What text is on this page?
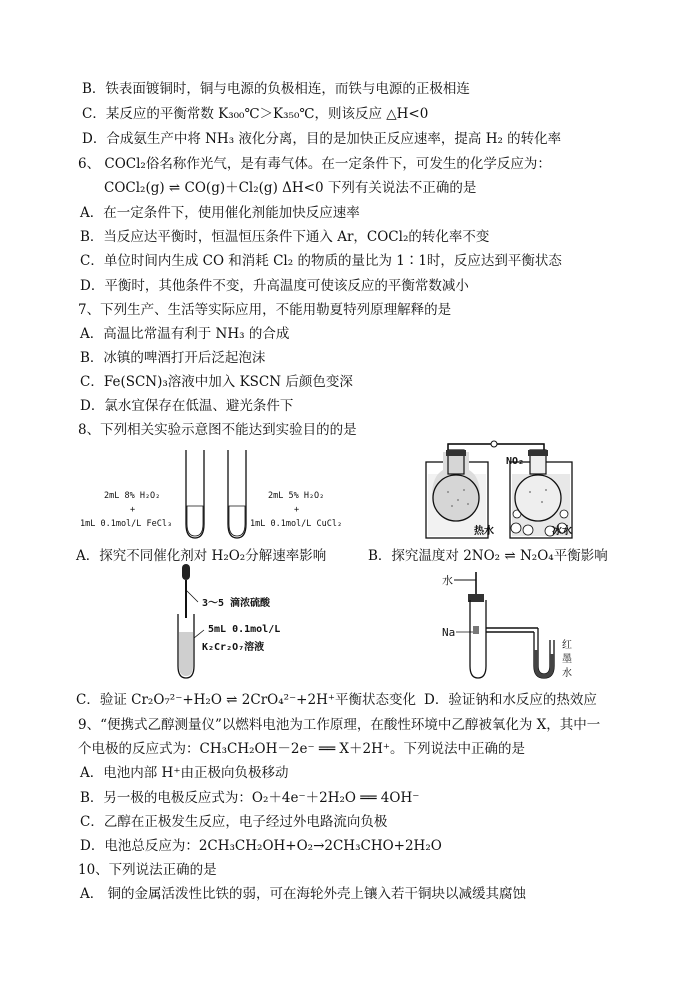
B．铁表面镀铜时，铜与电源的负极相连，而铁与电源的正极相连
C．某反应的平衡常数 K₃₀₀℃＞K₃₅₀℃，则该反应 △H<0
D．合成氨生产中将 NH₃ 液化分离，目的是加快正反应速率，提高 H₂ 的转化率
6、 COCl₂俗名称作光气，是有毒气体。在一定条件下，可发生的化学反应为：
COCl₂(g) ⇌ CO(g)＋Cl₂(g) ΔH<0 下列有关说法不正确的是
A．在一定条件下，使用催化剂能加快反应速率
B．当反应达平衡时，恒温恒压条件下通入 Ar，COCl₂的转化率不变
C．单位时间内生成 CO 和消耗 Cl₂ 的物质的量比为 1∶1时，反应达到平衡状态
D．平衡时，其他条件不变，升高温度可使该反应的平衡常数减小
7、下列生产、生活等实际应用，不能用勒夏特列原理解释的是
A．高温比常温有利于 NH₃ 的合成
B．冰镇的啤酒打开后泛起泡沫
C．Fe(SCN)₃溶液中加入 KSCN 后颜色变深
D．氯水宜保存在低温、避光条件下
8、下列相关实验示意图不能达到实验目的的是
A．探究不同催化剂对 H₂O₂分解速率影响	B．探究温度对 2NO₂ ⇌ N₂O₄平衡影响
C．验证 Cr₂O₇²⁻+H₂O ⇌ 2CrO₄²⁻+2H⁺平衡状态变化 D．验证钠和水反应的热效应
9、“便携式乙醇测量仪”以燃料电池为工作原理，在酸性环境中乙醇被氧化为 X，其中一
个电极的反应式为：CH₃CH₂OH－2e⁻ ══ X＋2H⁺。下列说法中正确的是
A．电池内部 H⁺由正极向负极移动
B．另一极的电极反应式为：O₂＋4e⁻＋2H₂O ══ 4OH⁻
C．乙醇在正极发生反应，电子经过外电路流向负极
D．电池总反应为：2CH₃CH₂OH+O₂→2CH₃CHO+2H₂O
10、下列说法正确的是
A． 铜的金属活泼性比铁的弱，可在海轮外壳上镶入若干铜块以减缓其腐蚀
2mL 8% H₂O₂
+
1mL 0.1mol/L FeCl₃
2mL 5% H₂O₂
+
1mL 0.1mol/L CuCl₂
NO₂
热水	冰水
3～5 滴浓硫酸
5mL 0.1mol/L
K₂Cr₂O₇溶液
水
Na
红
墨
水
